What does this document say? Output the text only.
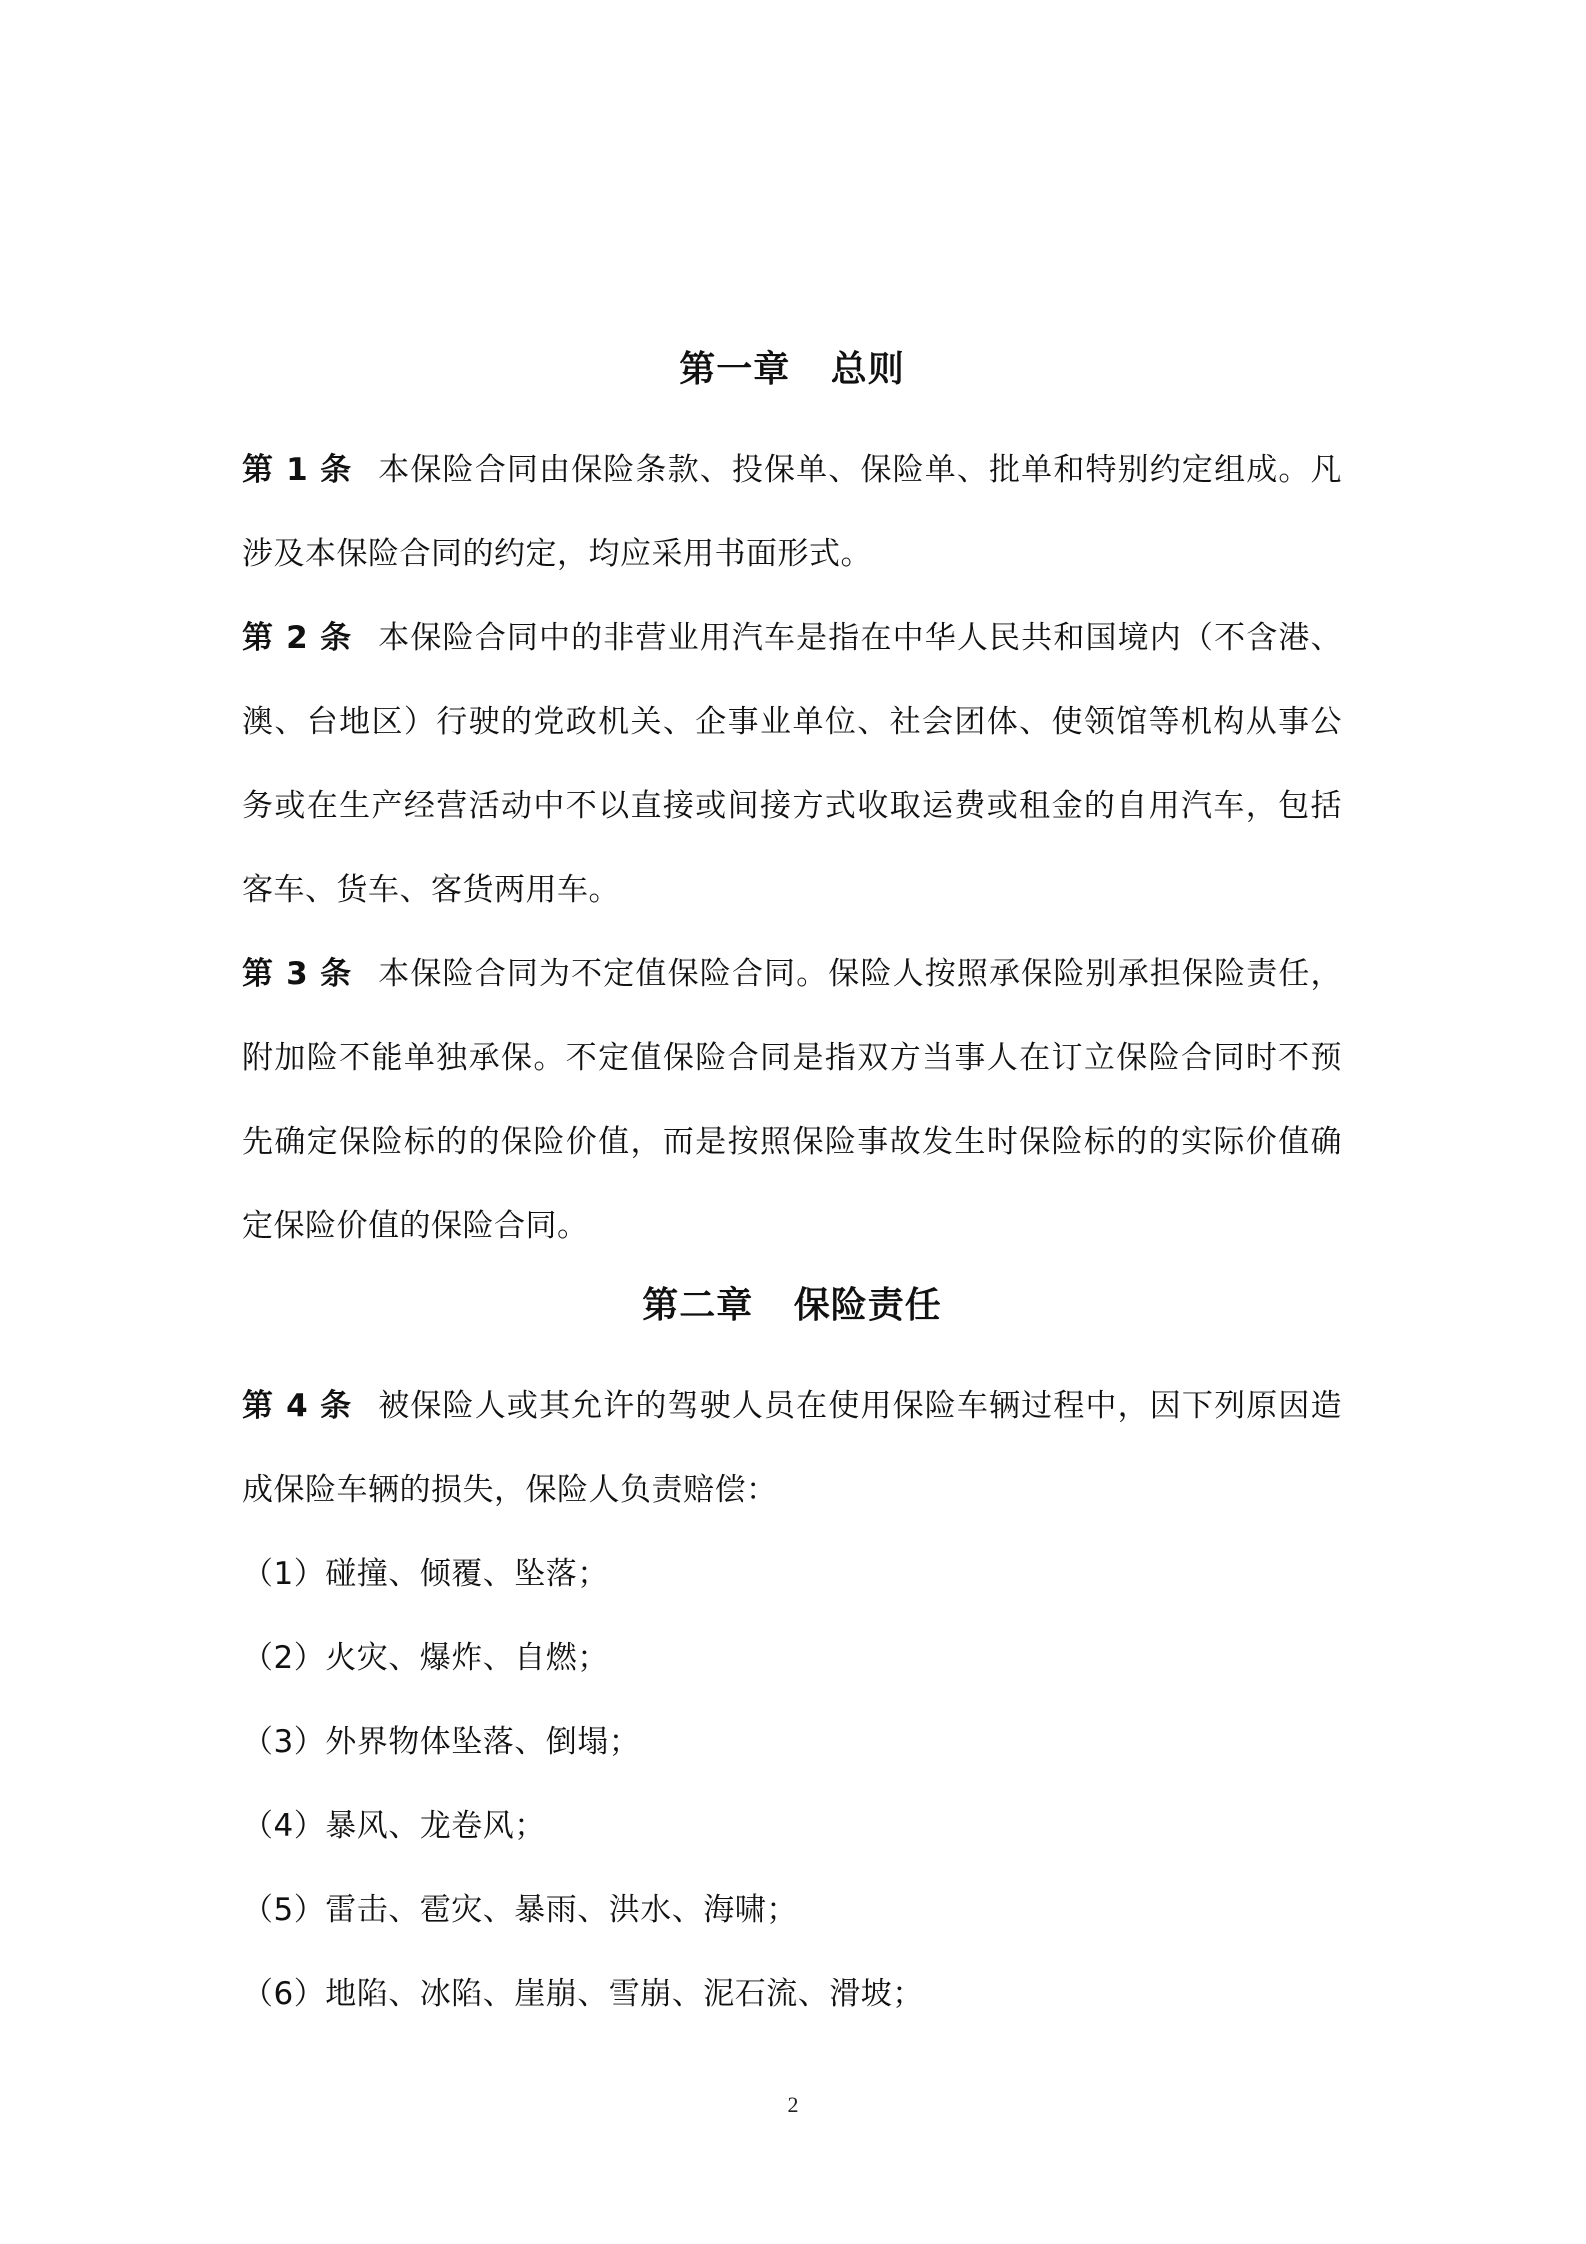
第一章   总则

第 1 条 本保险合同由保险条款、投保单、保险单、批单和特别约定组成。凡涉及本保险合同的约定，均应采用书面形式。

第 2 条 本保险合同中的非营业用汽车是指在中华人民共和国境内（不含港、澳、台地区）行驶的党政机关、企事业单位、社会团体、使领馆等机构从事公务或在生产经营活动中不以直接或间接方式收取运费或租金的自用汽车，包括客车、货车、客货两用车。

第 3 条 本保险合同为不定值保险合同。保险人按照承保险别承担保险责任，附加险不能单独承保。不定值保险合同是指双方当事人在订立保险合同时不预先确定保险标的的保险价值，而是按照保险事故发生时保险标的的实际价值确定保险价值的保险合同。

第二章   保险责任

第 4 条 被保险人或其允许的驾驶人员在使用保险车辆过程中，因下列原因造成保险车辆的损失，保险人负责赔偿：

（1）碰撞、倾覆、坠落；

（2）火灾、爆炸、自燃；

（3）外界物体坠落、倒塌；

（4）暴风、龙卷风；

（5）雷击、雹灾、暴雨、洪水、海啸；

（6）地陷、冰陷、崖崩、雪崩、泥石流、滑坡；

2
